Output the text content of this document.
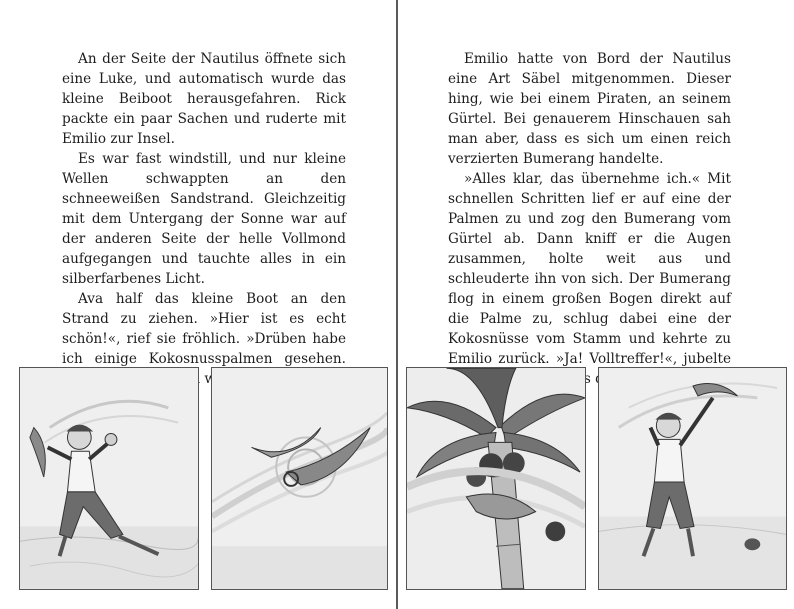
An der Seite der Nautilus öffnete sich eine Luke, und automatisch wurde das kleine Beiboot herausgefahren. Rick packte ein paar Sachen und ruderte mit Emilio zur Insel.

Es war fast windstill, und nur kleine Wellen schwappten an den schneeweißen Sandstrand. Gleichzeitig mit dem Untergang der Sonne war auf der anderen Seite der helle Vollmond aufgegangen und tauchte alles in ein silberfarbenes Licht.

Ava half das kleine Boot an den Strand zu ziehen. »Hier ist es echt schön!«, rief sie fröhlich. »Drüben habe ich einige Kokosnusspalmen gesehen.

Emilio hatte von Bord der Nautilus eine Art Säbel mitgenommen. Dieser hing, wie bei einem Piraten, an seinem Gürtel. Bei genauerem Hinschauen sah man aber, dass es sich um einen reich verzierten Bumerang handelte.

»Alles klar, das übernehme ich.« Mit schnellen Schritten lief er auf eine der Palmen zu und zog den Bumerang vom Gürtel ab. Dann kniff er die Augen zusammen, holte weit aus und schleuderte ihn von sich. Der Bumerang flog in einem großen Bogen direkt auf die Palme zu, schlug dabei eine der Kokosnüsse vom Stamm und kehrte zu Emilio zurück. »Ja! Volltreffer!«, jubelte
